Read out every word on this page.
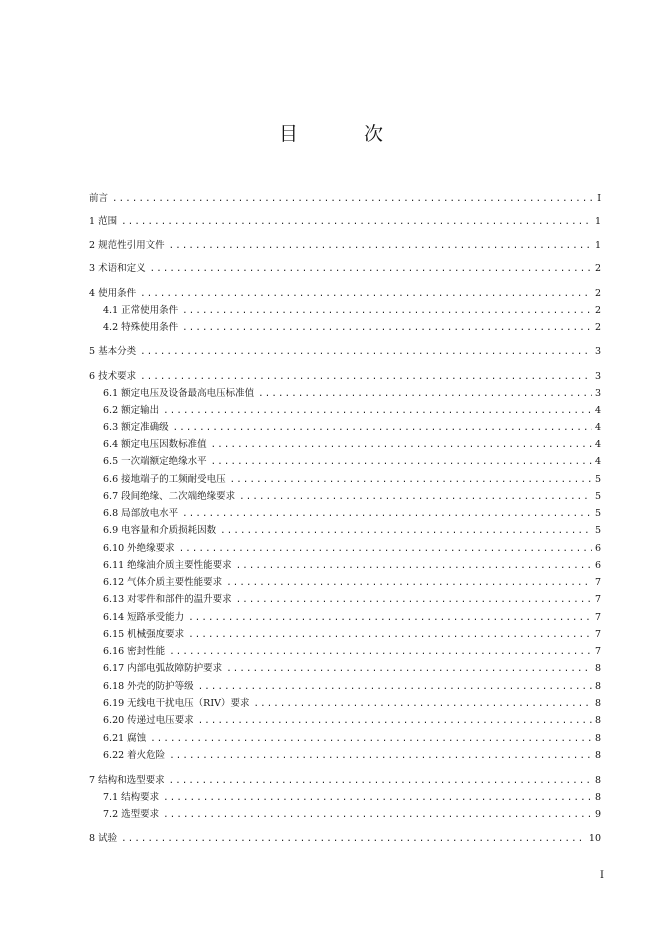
目 次
前言 .....	Ⅰ
1 范围 .....	1
2 规范性引用文件 .....	1
3 术语和定义 .....	2
4 使用条件 .....	2
4.1 正常使用条件 .....	2
4.2 特殊使用条件 .....	2
5 基本分类 .....	3
6 技术要求 .....	3
6.1 额定电压及设备最高电压标准值 .....	3
6.2 额定输出 .....	4
6.3 额定准确级 .....	4
6.4 额定电压因数标准值 .....	4
6.5 一次端额定绝缘水平 .....	4
6.6 接地端子的工频耐受电压 .....	5
6.7 段间绝缘、二次端绝缘要求 .....	5
6.8 局部放电水平 .....	5
6.9 电容量和介质损耗因数 .....	5
6.10 外绝缘要求 .....	6
6.11 绝缘油介质主要性能要求 .....	6
6.12 气体介质主要性能要求 .....	7
6.13 对零件和部件的温升要求 .....	7
6.14 短路承受能力 .....	7
6.15 机械强度要求 .....	7
6.16 密封性能 .....	7
6.17 内部电弧故障防护要求 .....	8
6.18 外壳的防护等级 .....	8
6.19 无线电干扰电压（RIV）要求 .....	8
6.20 传递过电压要求 .....	8
6.21 腐蚀 .....	8
6.22 着火危险 .....	8
7 结构和选型要求 .....	8
7.1 结构要求 .....	8
7.2 选型要求 .....	9
8 试验 .....	10
I
